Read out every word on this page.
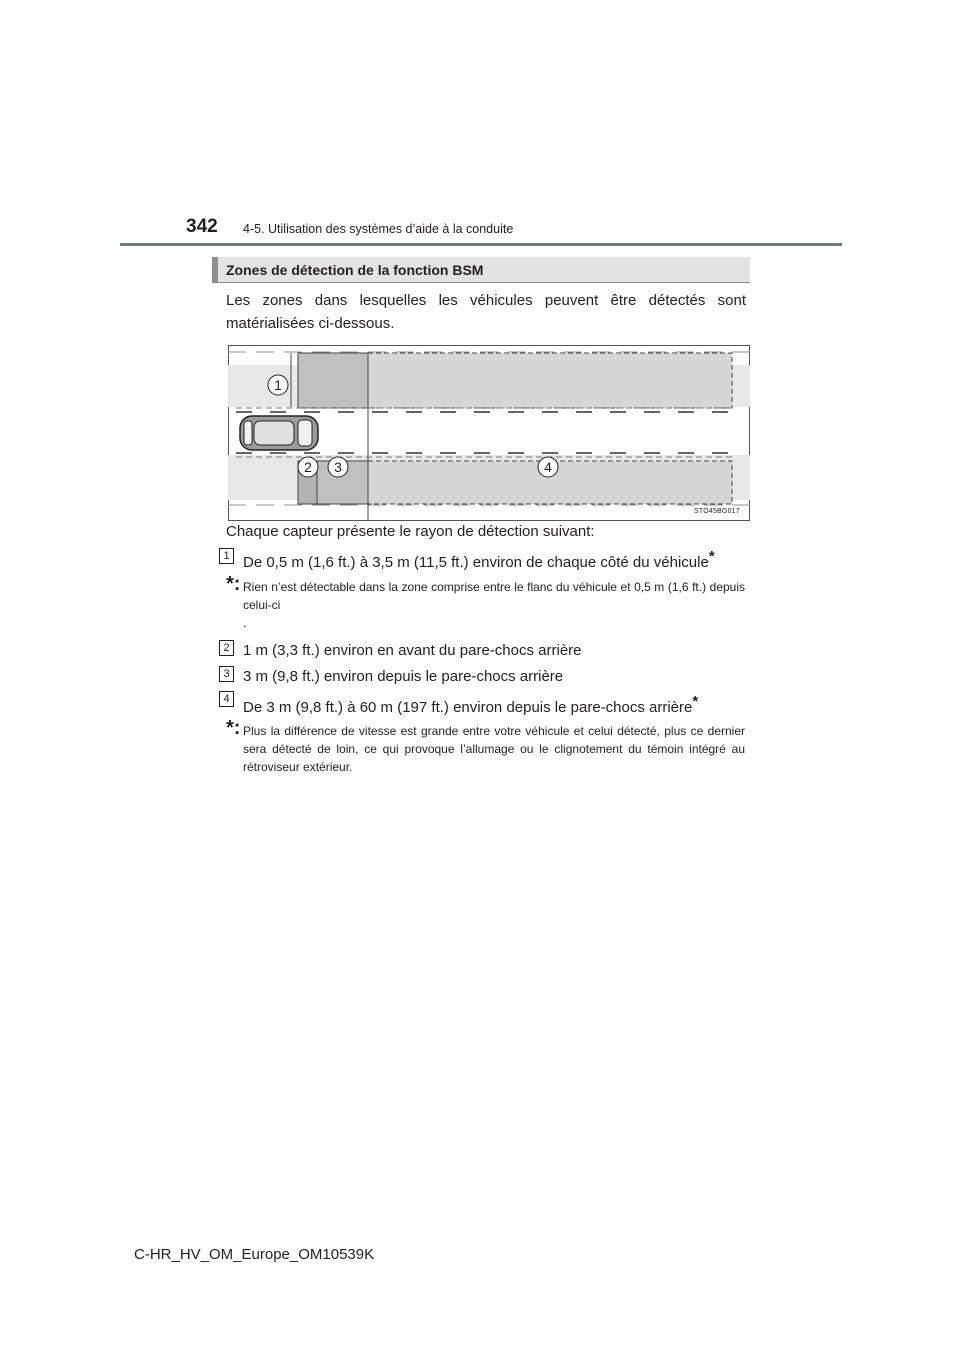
342 4-5. Utilisation des systèmes d’aide à la conduite
Zones de détection de la fonction BSM
Les zones dans lesquelles les véhicules peuvent être détectés sont matérialisées ci-dessous.
1
2 3	4
STO45BG017
Chaque capteur présente le rayon de détection suivant:
1 De 0,5 m (1,6 ft.) à 3,5 m (11,5 ft.) environ de chaque côté du véhicule*
*: Rien n’est détectable dans la zone comprise entre le flanc du véhicule et 0,5 m (1,6 ft.) depuis celui-ci
.
2 1 m (3,3 ft.) environ en avant du pare-chocs arrière
3 3 m (9,8 ft.) environ depuis le pare-chocs arrière
4 De 3 m (9,8 ft.) à 60 m (197 ft.) environ depuis le pare-chocs arrière*
*: Plus la différence de vitesse est grande entre votre véhicule et celui détecté, plus ce dernier sera détecté de loin, ce qui provoque l’allumage ou le clignotement du témoin intégré au rétroviseur extérieur.
C-HR_HV_OM_Europe_OM10539K
